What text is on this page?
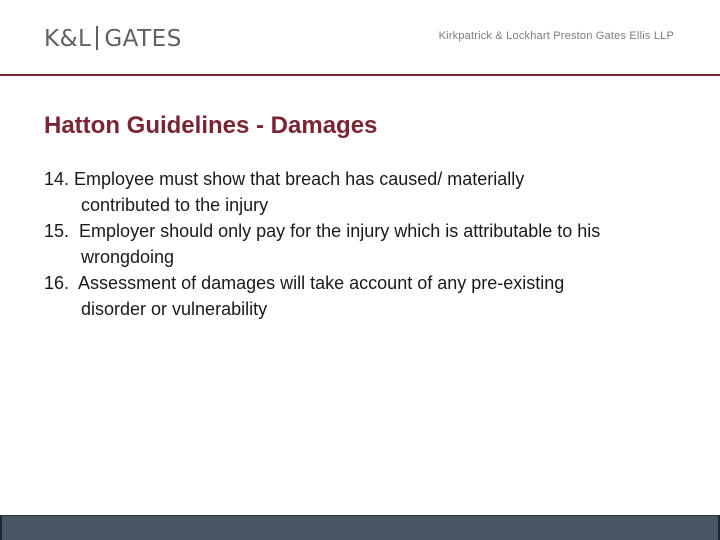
K&L GATES	Kirkpatrick & Lockhart Preston Gates Ellis LLP
Hatton Guidelines - Damages
14. Employee must show that breach has caused/ materially
contributed to the injury
15. Employer should only pay for the injury which is attributable to his
wrongdoing
16. Assessment of damages will take account of any pre-existing
disorder or vulnerability
